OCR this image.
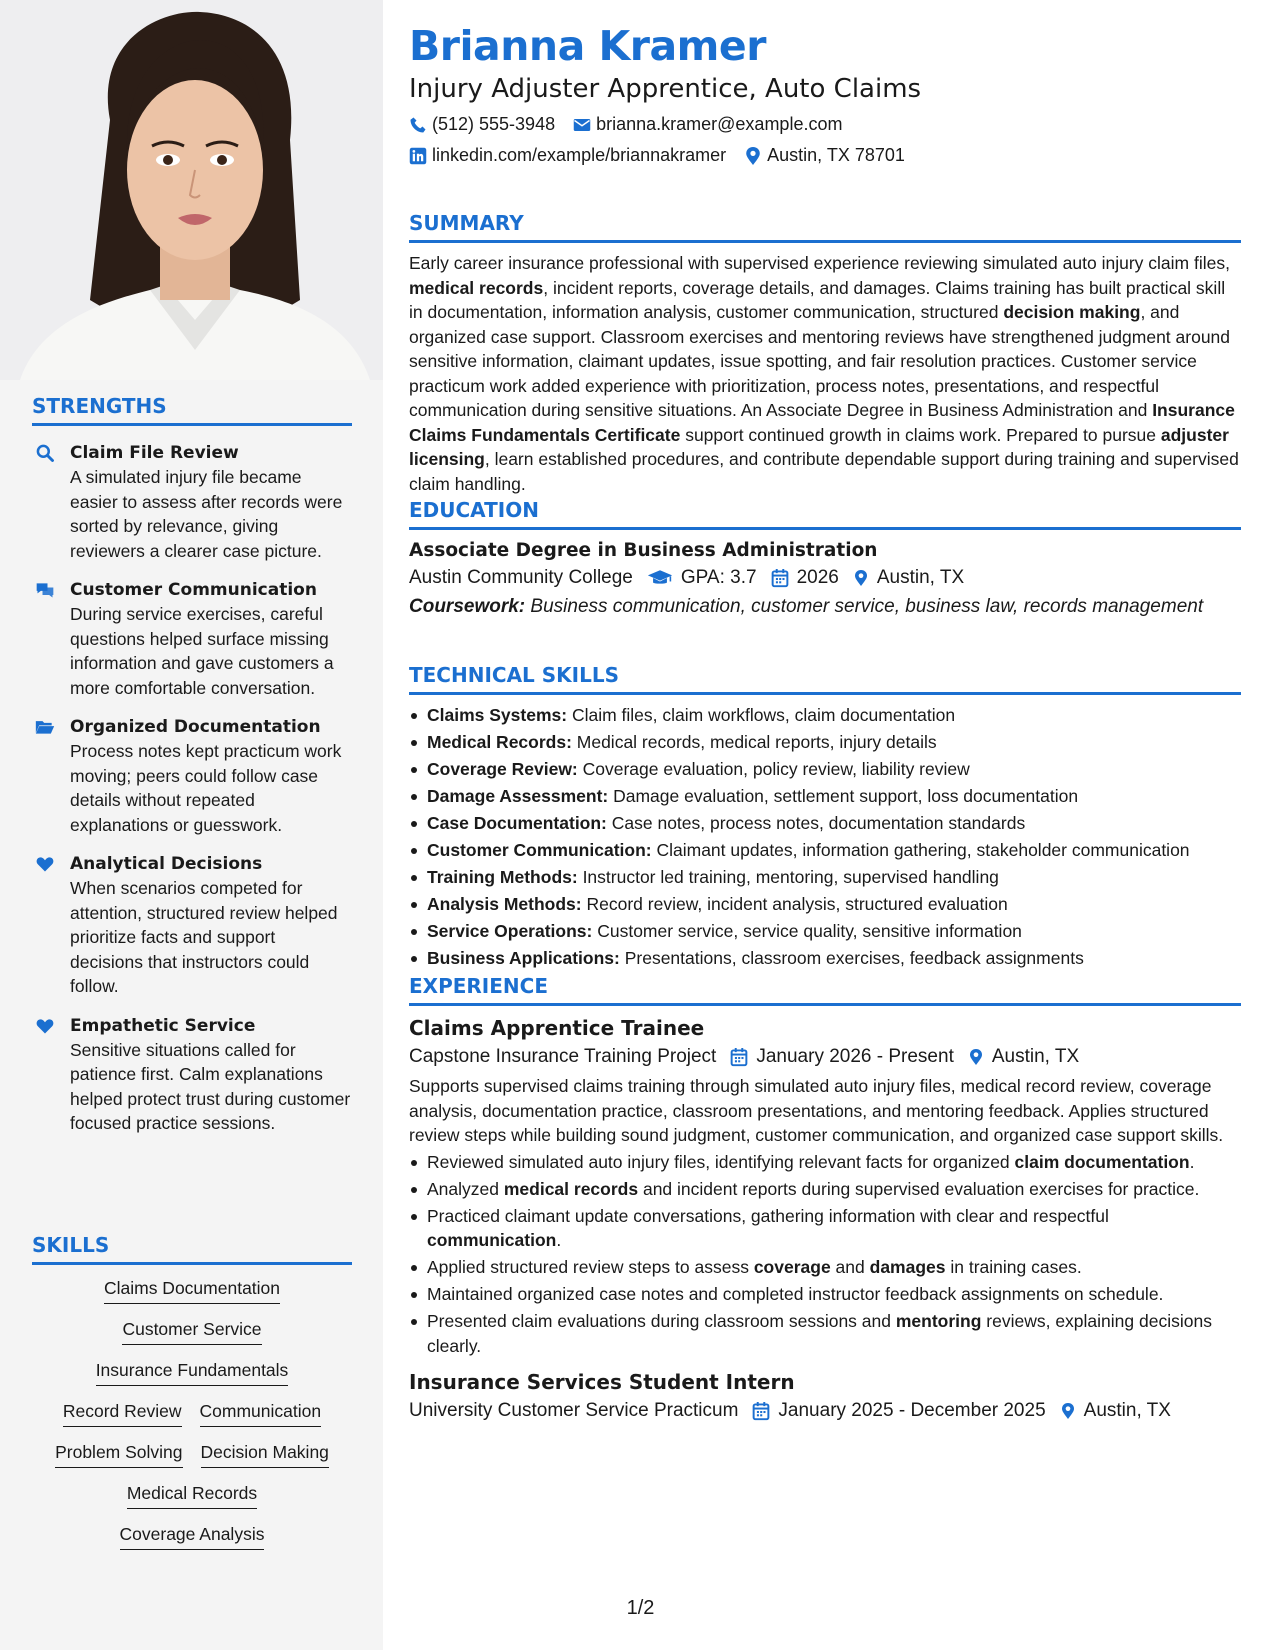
STRENGTHS
Claim File Review
A simulated injury file became easier to assess after records were sorted by relevance, giving reviewers a clearer case picture.
Customer Communication
During service exercises, careful questions helped surface missing information and gave customers a more comfortable conversation.
Organized Documentation
Process notes kept practicum work moving; peers could follow case details without repeated explanations or guesswork.
Analytical Decisions
When scenarios competed for attention, structured review helped prioritize facts and support decisions that instructors could follow.
Empathetic Service
Sensitive situations called for patience first. Calm explanations helped protect trust during customer focused practice sessions.
SKILLS
Claims Documentation
Customer Service
Insurance Fundamentals
Record Review Communication
Problem Solving Decision Making
Medical Records
Coverage Analysis
Brianna Kramer
Injury Adjuster Apprentice, Auto Claims
(512) 555-3948 brianna.kramer@example.com
linkedin.com/example/briannakramer Austin, TX 78701
SUMMARY
Early career insurance professional with supervised experience reviewing simulated auto injury claim files, medical records, incident reports, coverage details, and damages. Claims training has built practical skill in documentation, information analysis, customer communication, structured decision making, and organized case support. Classroom exercises and mentoring reviews have strengthened judgment around sensitive information, claimant updates, issue spotting, and fair resolution practices. Customer service practicum work added experience with prioritization, process notes, presentations, and respectful communication during sensitive situations. An Associate Degree in Business Administration and Insurance Claims Fundamentals Certificate support continued growth in claims work. Prepared to pursue adjuster licensing, learn established procedures, and contribute dependable support during training and supervised claim handling.
EDUCATION
Associate Degree in Business Administration
Austin Community College	GPA: 3.7 2026 Austin, TX
Coursework: Business communication, customer service, business law, records management
TECHNICAL SKILLS
Claims Systems: Claim files, claim workflows, claim documentation
Medical Records: Medical records, medical reports, injury details
Coverage Review: Coverage evaluation, policy review, liability review
Damage Assessment: Damage evaluation, settlement support, loss documentation
Case Documentation: Case notes, process notes, documentation standards
Customer Communication: Claimant updates, information gathering, stakeholder communication
Training Methods: Instructor led training, mentoring, supervised handling
Analysis Methods: Record review, incident analysis, structured evaluation
Service Operations: Customer service, service quality, sensitive information
Business Applications: Presentations, classroom exercises, feedback assignments
EXPERIENCE
Claims Apprentice Trainee
Capstone Insurance Training Project January 2026 - Present Austin, TX
Supports supervised claims training through simulated auto injury files, medical record review, coverage analysis, documentation practice, classroom presentations, and mentoring feedback. Applies structured review steps while building sound judgment, customer communication, and organized case support skills.
Reviewed simulated auto injury files, identifying relevant facts for organized claim documentation.
Analyzed medical records and incident reports during supervised evaluation exercises for practice.
Practiced claimant update conversations, gathering information with clear and respectful communication.
Applied structured review steps to assess coverage and damages in training cases.
Maintained organized case notes and completed instructor feedback assignments on schedule.
Presented claim evaluations during classroom sessions and mentoring reviews, explaining decisions clearly.
Insurance Services Student Intern
University Customer Service Practicum January 2025 - December 2025 Austin, TX
1/2
